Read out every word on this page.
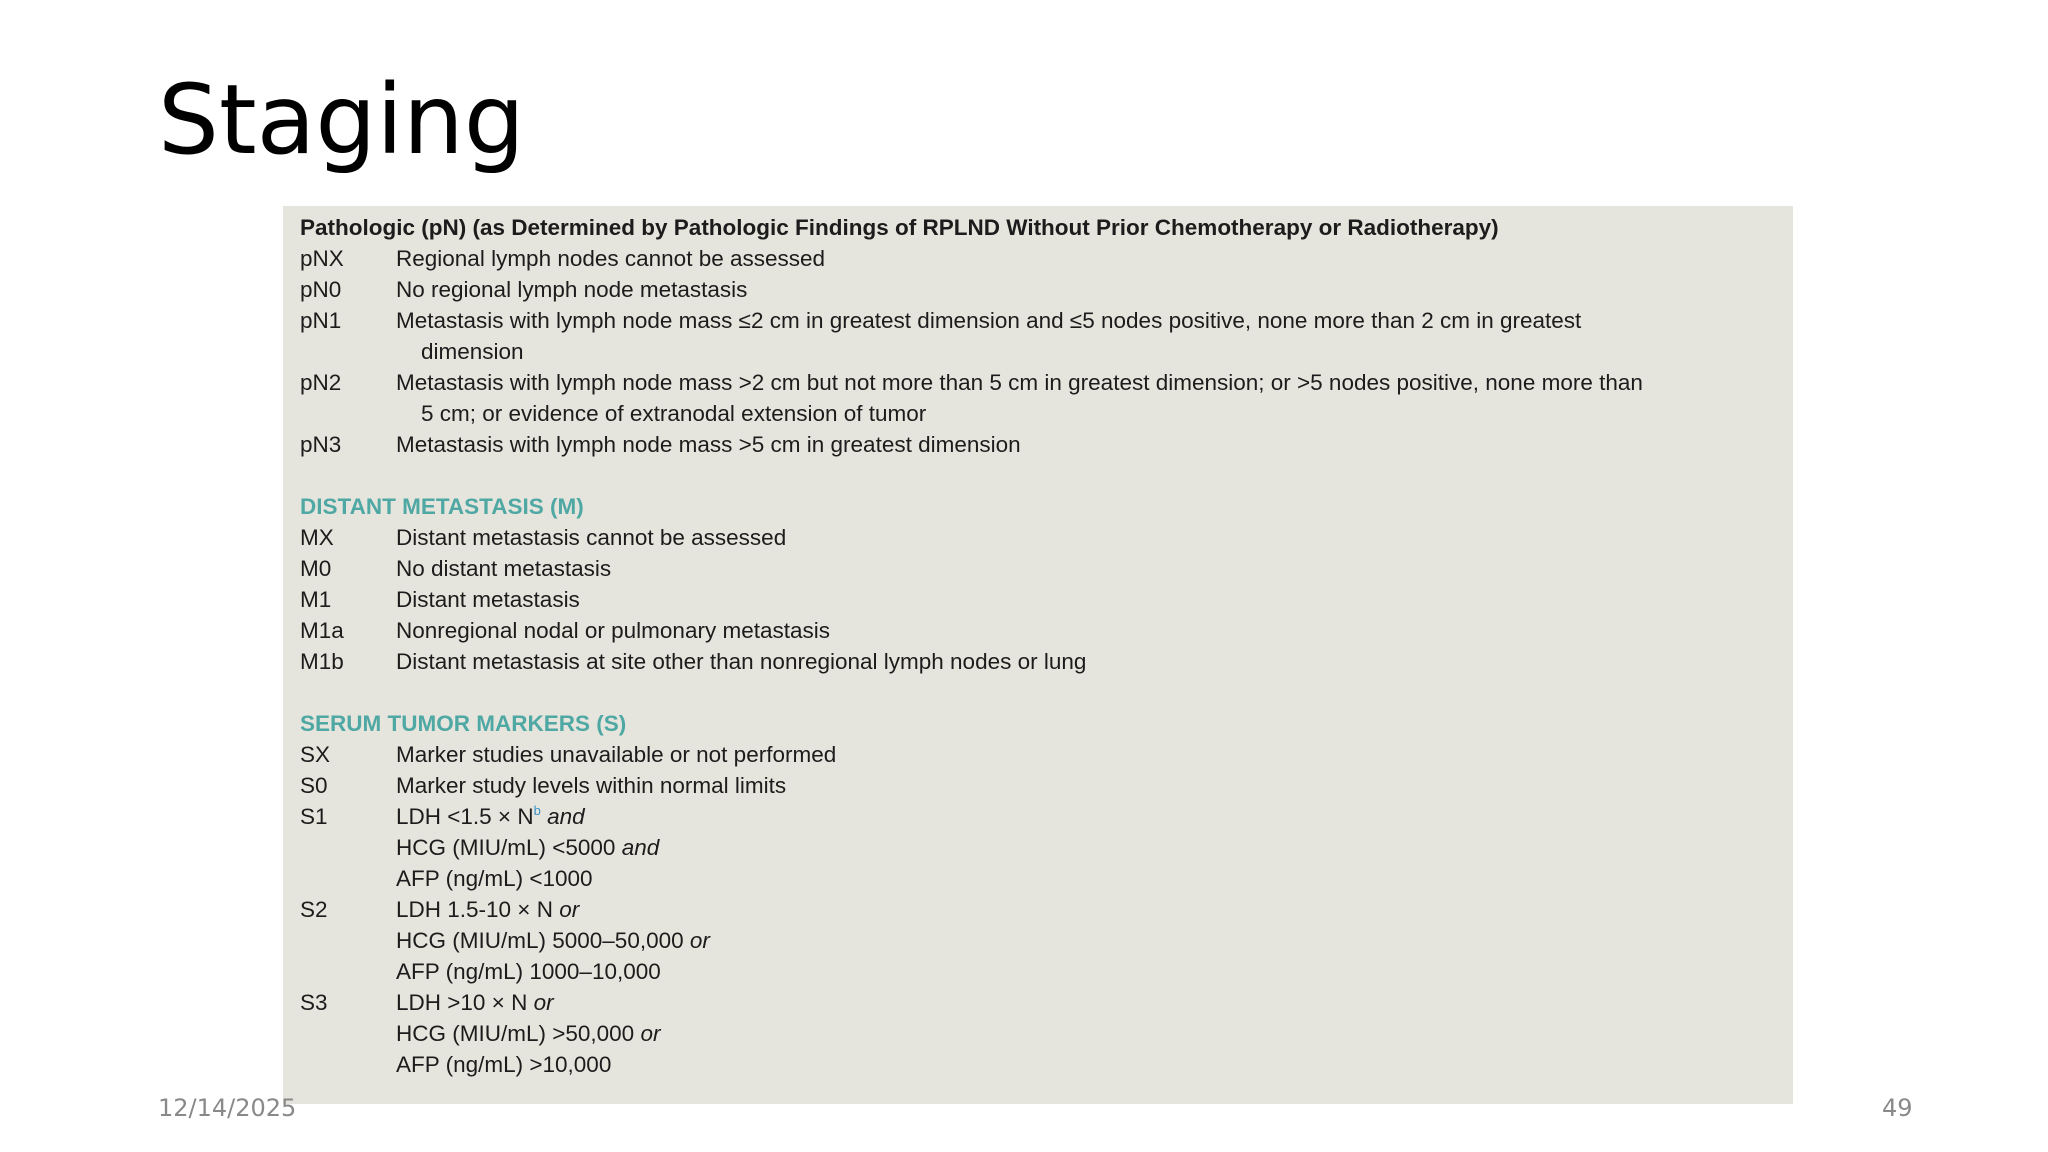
Staging
Pathologic (pN) (as Determined by Pathologic Findings of RPLND Without Prior Chemotherapy or Radiotherapy)
pNX	Regional lymph nodes cannot be assessed
pN0	No regional lymph node metastasis
pN1	Metastasis with lymph node mass ≤2 cm in greatest dimension and ≤5 nodes positive, none more than 2 cm in greatest
dimension
pN2	Metastasis with lymph node mass >2 cm but not more than 5 cm in greatest dimension; or >5 nodes positive, none more than
5 cm; or evidence of extranodal extension of tumor
pN3	Metastasis with lymph node mass >5 cm in greatest dimension
DISTANT METASTASIS (M)
MX	Distant metastasis cannot be assessed
M0	No distant metastasis
M1	Distant metastasis
M1a	Nonregional nodal or pulmonary metastasis
M1b	Distant metastasis at site other than nonregional lymph nodes or lung
SERUM TUMOR MARKERS (S)
SX	Marker studies unavailable or not performed
S0	Marker study levels within normal limits
S1	LDH $<1.5 \times N^b$ and
HCG (MIU/mL) <5000 and
AFP (ng/mL) <1000
S2	LDH 1.5-10 × N or
HCG (MIU/mL) 5000–50,000 or
AFP (ng/mL) 1000–10,000
S3	LDH >10 × N or
HCG (MIU/mL) >50,000 or
AFP (ng/mL) >10,000
12/14/2025	49
